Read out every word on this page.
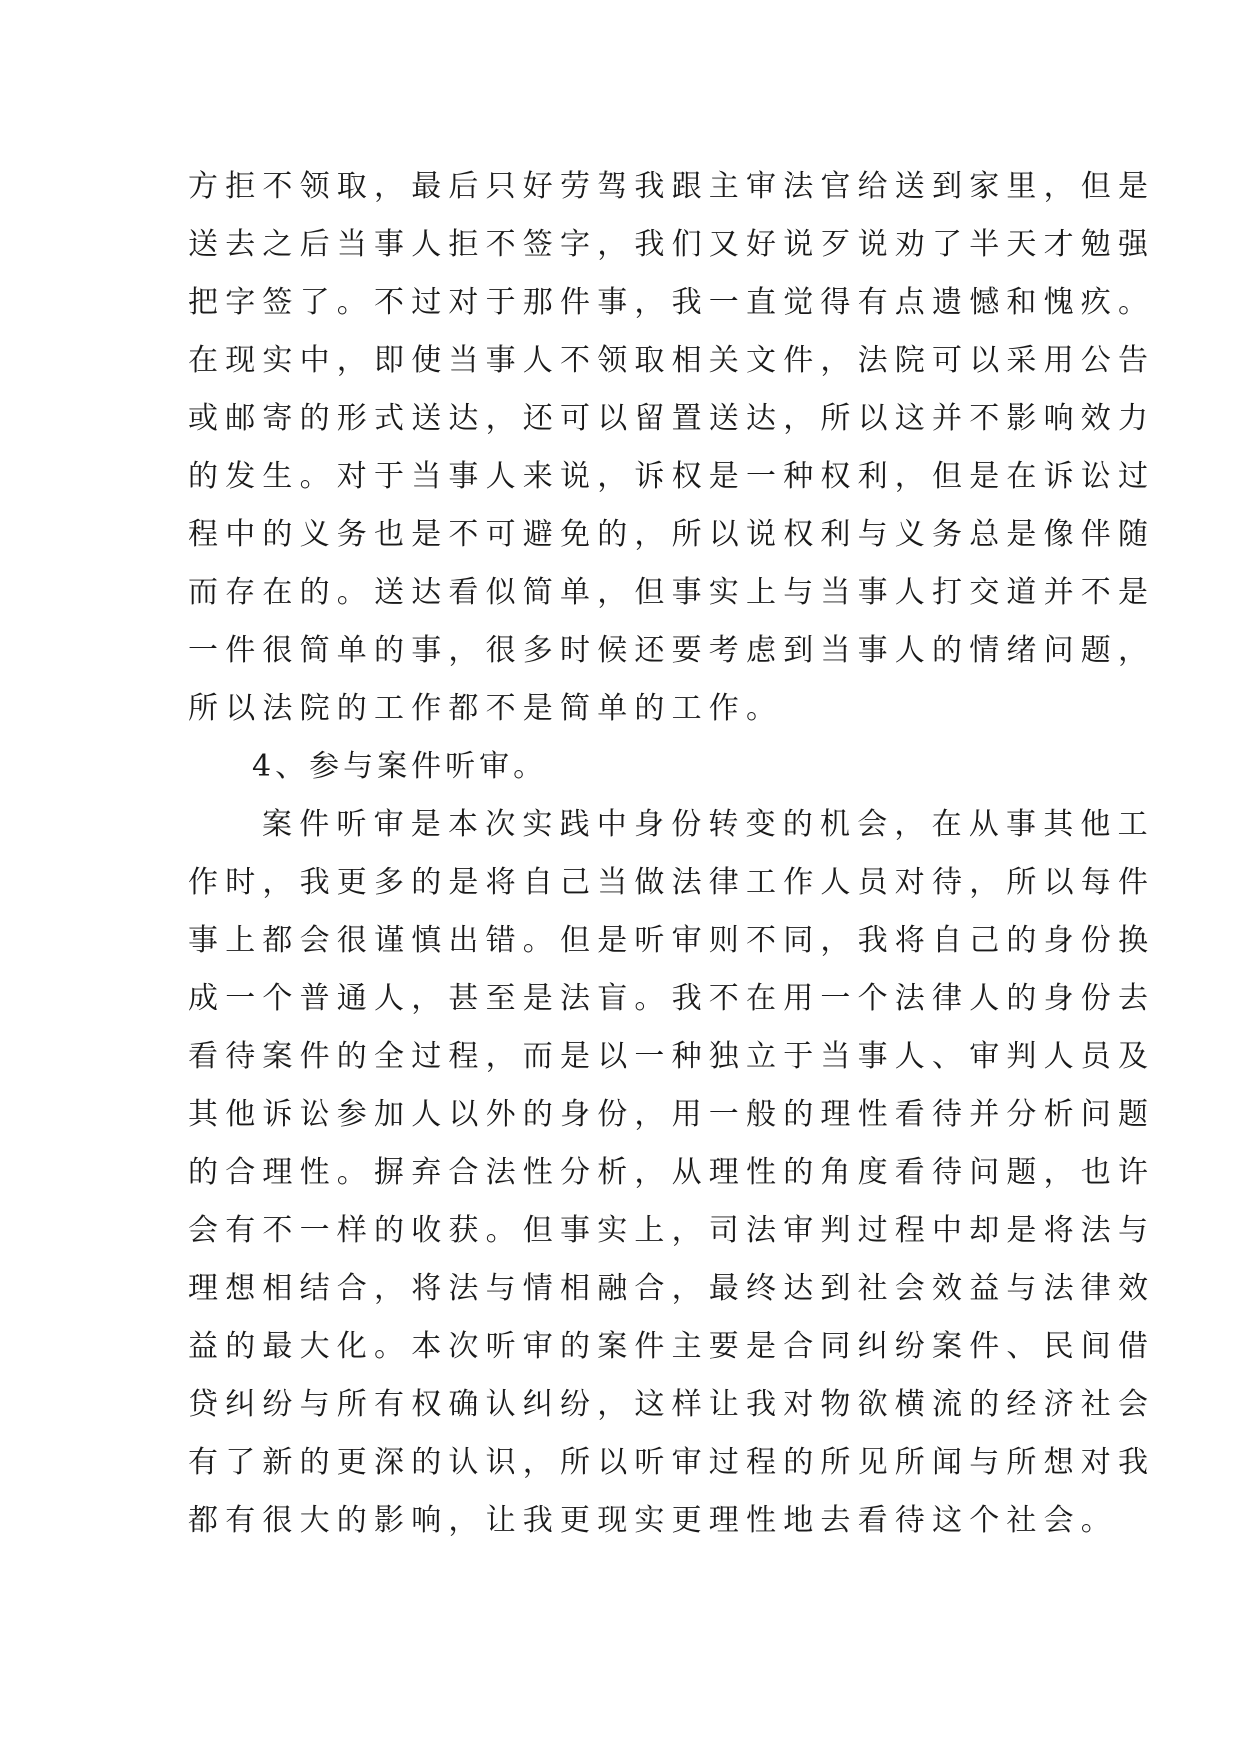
方拒不领取，最后只好劳驾我跟主审法官给送到家里，但是
送去之后当事人拒不签字，我们又好说歹说劝了半天才勉强
把字签了。不过对于那件事，我一直觉得有点遗憾和愧疚。
在现实中，即使当事人不领取相关文件，法院可以采用公告
或邮寄的形式送达，还可以留置送达，所以这并不影响效力
的发生。对于当事人来说，诉权是一种权利，但是在诉讼过
程中的义务也是不可避免的，所以说权利与义务总是像伴随
而存在的。送达看似简单，但事实上与当事人打交道并不是
一件很简单的事，很多时候还要考虑到当事人的情绪问题，
所以法院的工作都不是简单的工作。
4、参与案件听审。
案件听审是本次实践中身份转变的机会，在从事其他工
作时，我更多的是将自己当做法律工作人员对待，所以每件
事上都会很谨慎出错。但是听审则不同，我将自己的身份换
成一个普通人，甚至是法盲。我不在用一个法律人的身份去
看待案件的全过程，而是以一种独立于当事人、审判人员及
其他诉讼参加人以外的身份，用一般的理性看待并分析问题
的合理性。摒弃合法性分析，从理性的角度看待问题，也许
会有不一样的收获。但事实上，司法审判过程中却是将法与
理想相结合，将法与情相融合，最终达到社会效益与法律效
益的最大化。本次听审的案件主要是合同纠纷案件、民间借
贷纠纷与所有权确认纠纷，这样让我对物欲横流的经济社会
有了新的更深的认识，所以听审过程的所见所闻与所想对我
都有很大的影响，让我更现实更理性地去看待这个社会。
